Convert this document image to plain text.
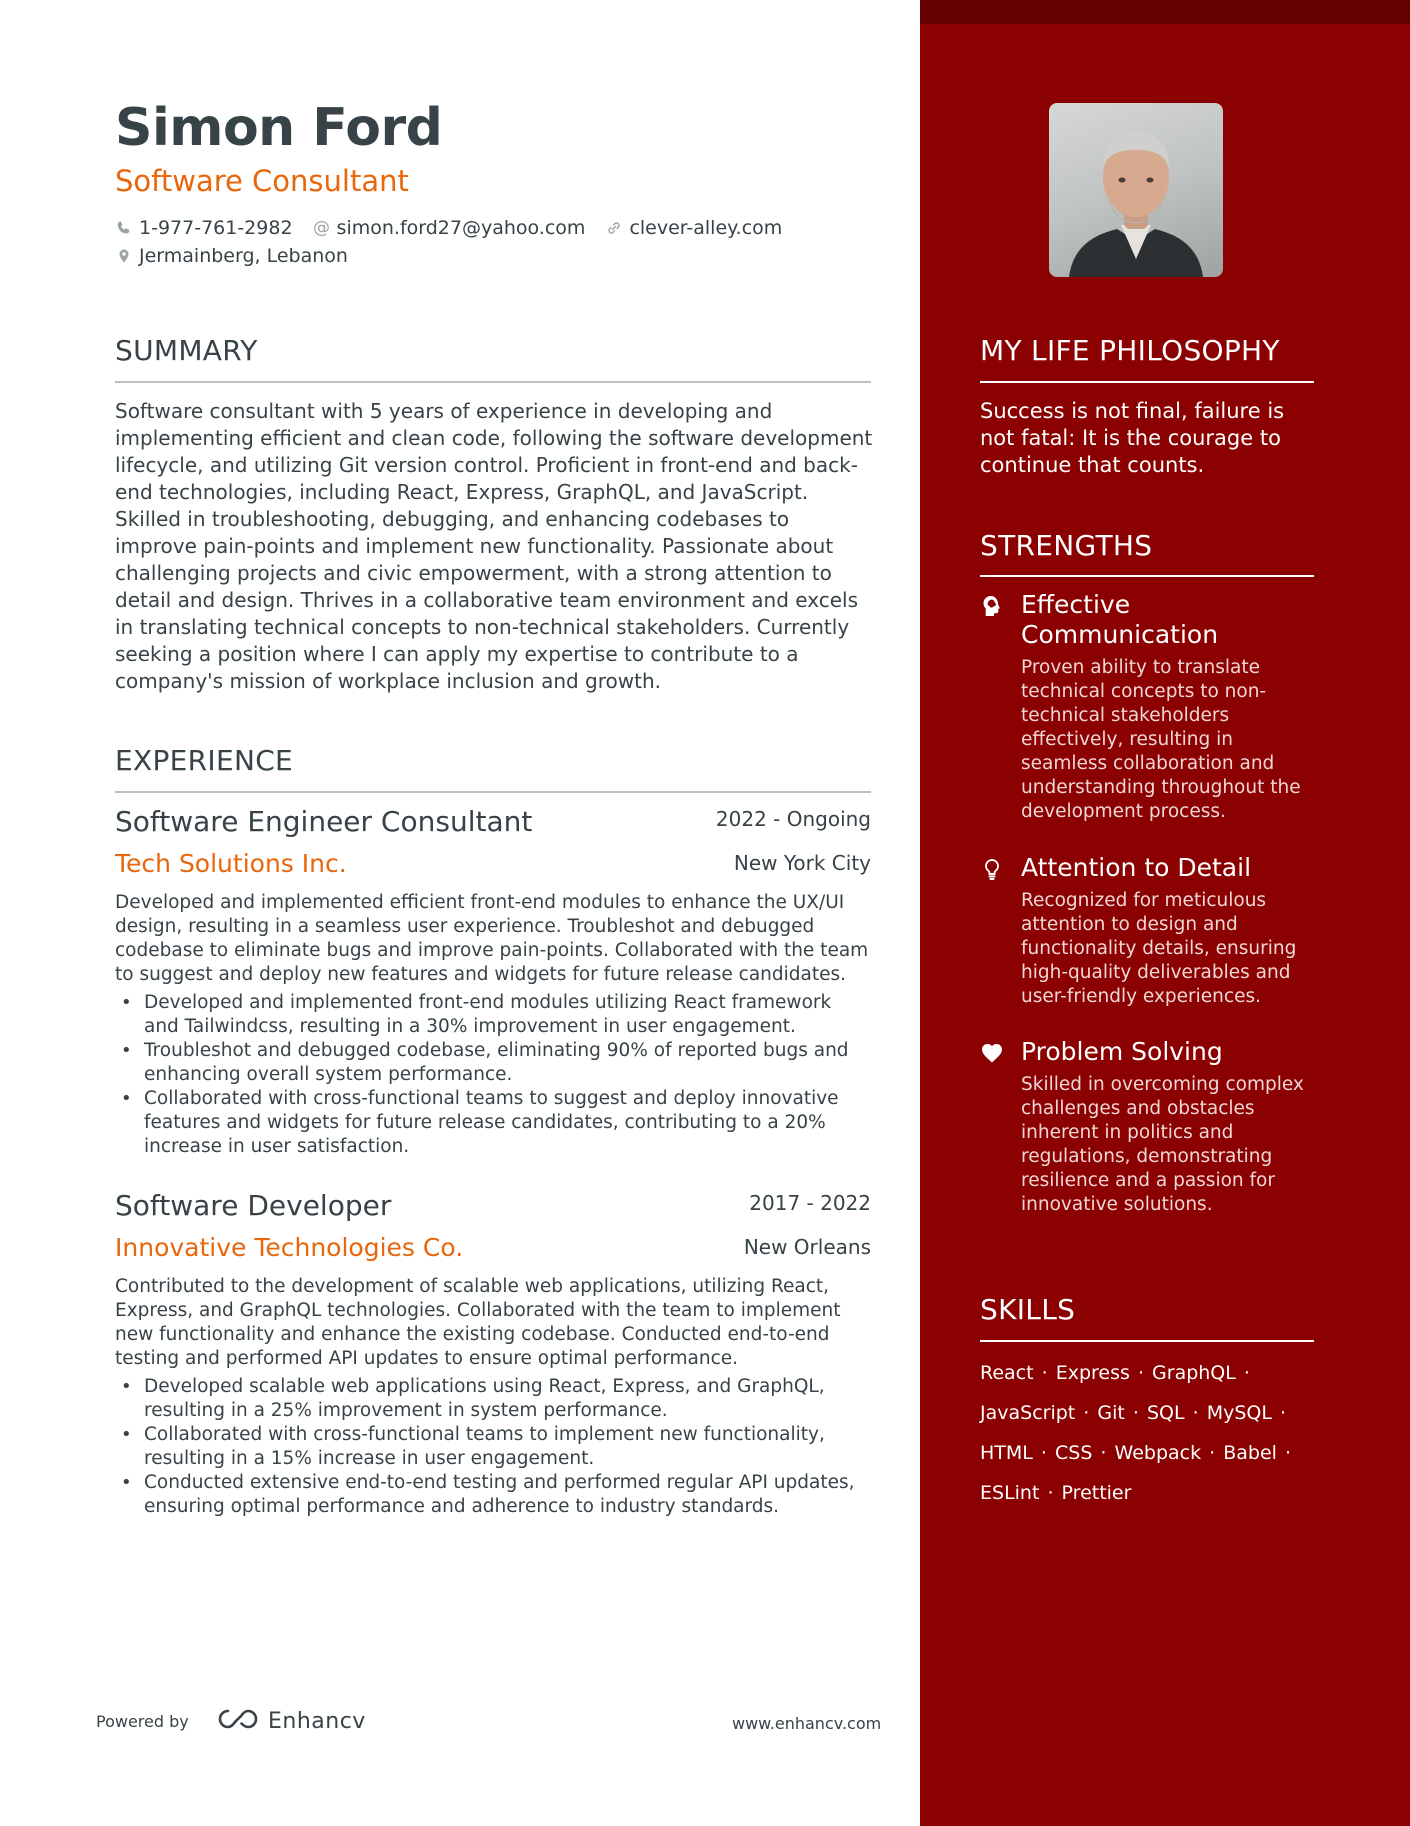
Simon Ford
Software Consultant
1-977-761-2982 @ simon.ford27@yahoo.com clever-alley.com
Jermainberg, Lebanon
SUMMARY
Software consultant with 5 years of experience in developing and implementing efficient and clean code, following the software development lifecycle, and utilizing Git version control. Proficient in front-end and back-end technologies, including React, Express, GraphQL, and JavaScript. Skilled in troubleshooting, debugging, and enhancing codebases to improve pain-points and implement new functionality. Passionate about challenging projects and civic empowerment, with a strong attention to detail and design. Thrives in a collaborative team environment and excels in translating technical concepts to non-technical stakeholders. Currently seeking a position where I can apply my expertise to contribute to a company's mission of workplace inclusion and growth.
EXPERIENCE
Software Engineer Consultant	2022 - Ongoing
Tech Solutions Inc.	New York City

Developed and implemented efficient front-end modules to enhance the UX/UI design, resulting in a seamless user experience. Troubleshot and debugged codebase to eliminate bugs and improve pain-points. Collaborated with the team to suggest and deploy new features and widgets for future release candidates.

• Developed and implemented front-end modules utilizing React framework and Tailwindcss, resulting in a 30% improvement in user engagement.
• Troubleshot and debugged codebase, eliminating 90% of reported bugs and enhancing overall system performance.
• Collaborated with cross-functional teams to suggest and deploy innovative features and widgets for future release candidates, contributing to a 20% increase in user satisfaction.
Software Developer	2017 - 2022
Innovative Technologies Co.	New Orleans

Contributed to the development of scalable web applications, utilizing React, Express, and GraphQL technologies. Collaborated with the team to implement new functionality and enhance the existing codebase. Conducted end-to-end testing and performed API updates to ensure optimal performance.

• Developed scalable web applications using React, Express, and GraphQL, resulting in a 25% improvement in system performance.
• Collaborated with cross-functional teams to implement new functionality, resulting in a 15% increase in user engagement.
• Conducted extensive end-to-end testing and performed regular API updates, ensuring optimal performance and adherence to industry standards.
Powered by	Enhancv	www.enhancv.com
MY LIFE PHILOSOPHY
Success is not final, failure is not fatal: It is the courage to continue that counts.
STRENGTHS
Effective Communication
Proven ability to translate technical concepts to non-technical stakeholders effectively, resulting in seamless collaboration and understanding throughout the development process.
Attention to Detail
Recognized for meticulous attention to design and functionality details, ensuring high-quality deliverables and user-friendly experiences.
Problem Solving
Skilled in overcoming complex challenges and obstacles inherent in politics and regulations, demonstrating resilience and a passion for innovative solutions.
SKILLS
React · Express · GraphQL ·
JavaScript · Git · SQL · MySQL ·
HTML · CSS · Webpack · Babel ·
ESLint · Prettier
